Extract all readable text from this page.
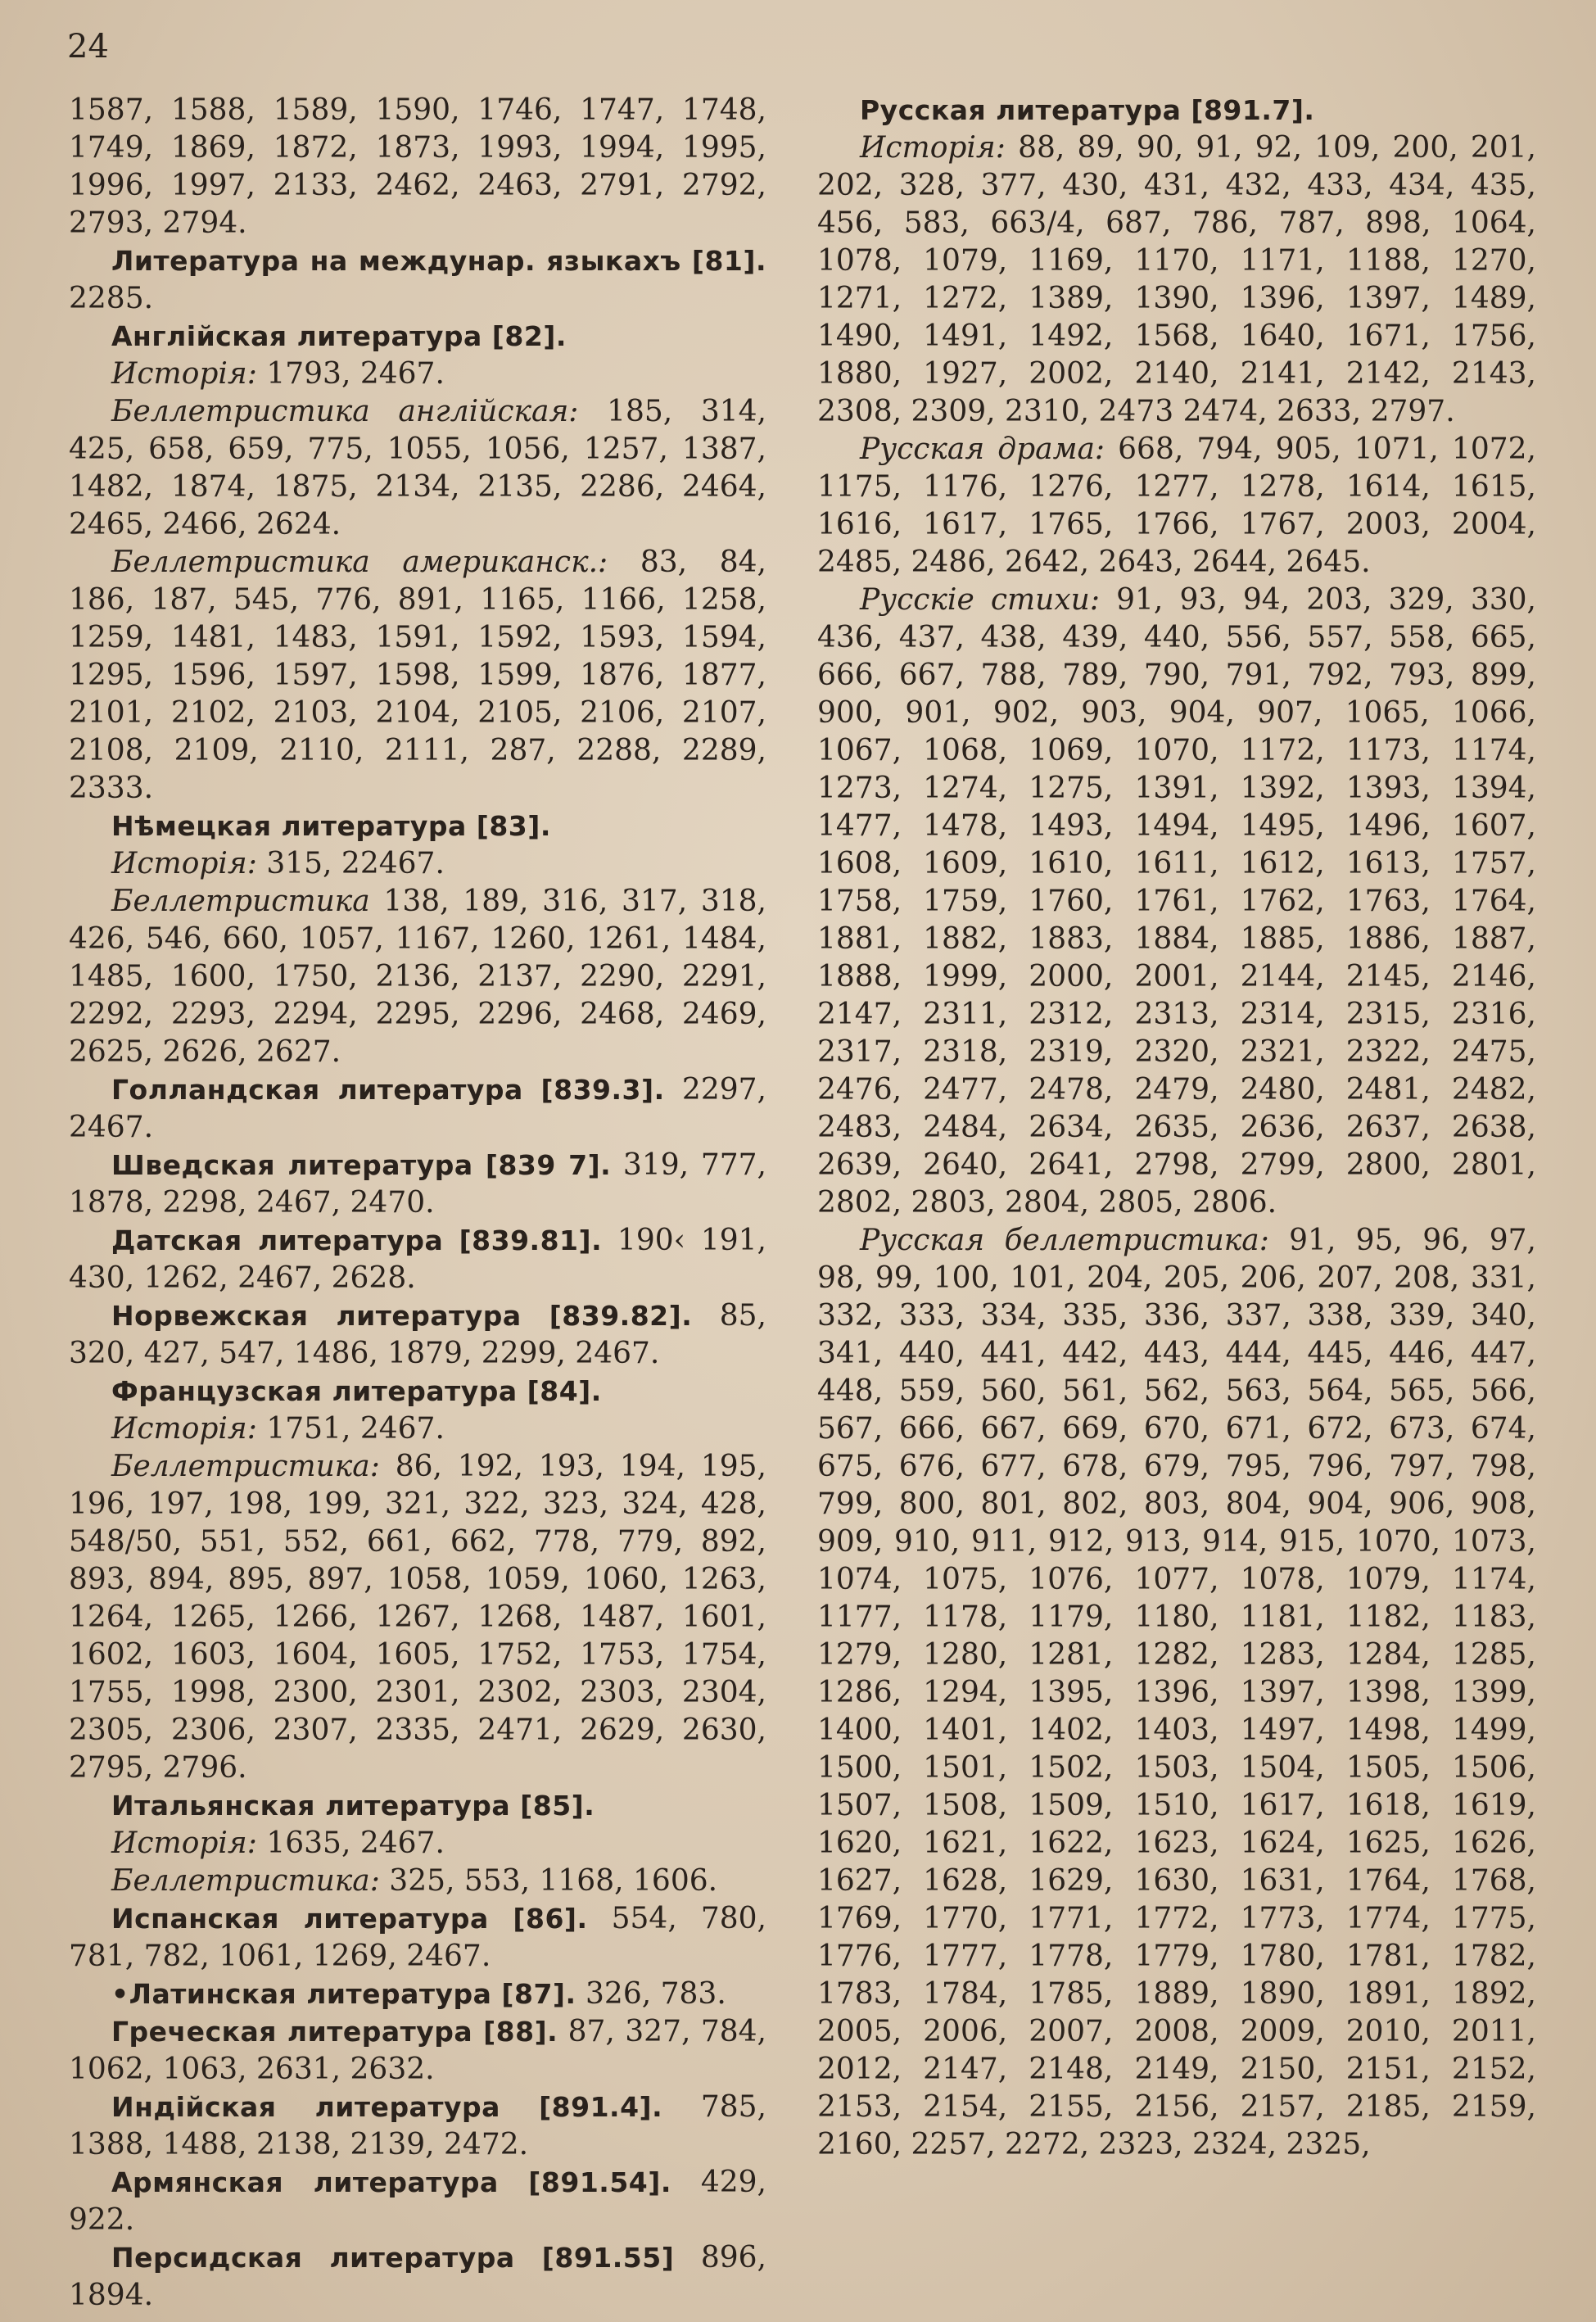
24

1587, 1588, 1589, 1590, 1746, 1747, 1748, 1749, 1869, 1872, 1873, 1993, 1994, 1995, 1996, 1997, 2133, 2462, 2463, 2791, 2792, 2793, 2794.

Литература на междунар. языкахъ [81]. 2285.

Англійская литература [82].

Исторія: 1793, 2467.

Беллетристика англійская: 185, 314, 425, 658, 659, 775, 1055, 1056, 1257, 1387, 1482, 1874, 1875, 2134, 2135, 2286, 2464, 2465, 2466, 2624.

Беллетристика американск.: 83, 84, 186, 187, 545, 776, 891, 1165, 1166, 1258, 1259, 1481, 1483, 1591, 1592, 1593, 1594, 1295, 1596, 1597, 1598, 1599, 1876, 1877, 2101, 2102, 2103, 2104, 2105, 2106, 2107, 2108, 2109, 2110, 2111, 287, 2288, 2289, 2333.

Нѣмецкая литература [83].

Исторія: 315, 22467.

Беллетристика 138, 189, 316, 317, 318, 426, 546, 660, 1057, 1167, 1260, 1261, 1484, 1485, 1600, 1750, 2136, 2137, 2290, 2291, 2292, 2293, 2294, 2295, 2296, 2468, 2469, 2625, 2626, 2627.

Голландская литература [839.3]. 2297, 2467.

Шведская литература [839 7]. 319, 777, 1878, 2298, 2467, 2470.

Датская литература [839.81]. 190‹ 191, 430, 1262, 2467, 2628.

Норвежская литература [839.82]. 85, 320, 427, 547, 1486, 1879, 2299, 2467.

Французская литература [84].

Исторія: 1751, 2467.

Беллетристика: 86, 192, 193, 194, 195, 196, 197, 198, 199, 321, 322, 323, 324, 428, 548/50, 551, 552, 661, 662, 778, 779, 892, 893, 894, 895, 897, 1058, 1059, 1060, 1263, 1264, 1265, 1266, 1267, 1268, 1487, 1601, 1602, 1603, 1604, 1605, 1752, 1753, 1754, 1755, 1998, 2300, 2301, 2302, 2303, 2304, 2305, 2306, 2307, 2335, 2471, 2629, 2630, 2795, 2796.

Итальянская литература [85].

Исторія: 1635, 2467.

Беллетристика: 325, 553, 1168, 1606.

Испанская литература [86]. 554, 780, 781, 782, 1061, 1269, 2467.

•Латинская литература [87]. 326, 783.

Греческая литература [88]. 87, 327, 784, 1062, 1063, 2631, 2632.

Индійская литература [891.4]. 785, 1388, 1488, 2138, 2139, 2472.

Армянская литература [891.54]. 429, 922.

Персидская литература [891.55] 896, 1894.

Русская литература [891.7].

Исторія: 88, 89, 90, 91, 92, 109, 200, 201, 202, 328, 377, 430, 431, 432, 433, 434, 435, 456, 583, 663/4, 687, 786, 787, 898, 1064, 1078, 1079, 1169, 1170, 1171, 1188, 1270, 1271, 1272, 1389, 1390, 1396, 1397, 1489, 1490, 1491, 1492, 1568, 1640, 1671, 1756, 1880, 1927, 2002, 2140, 2141, 2142, 2143, 2308, 2309, 2310, 2473 2474, 2633, 2797.

Русская драма: 668, 794, 905, 1071, 1072, 1175, 1176, 1276, 1277, 1278, 1614, 1615, 1616, 1617, 1765, 1766, 1767, 2003, 2004, 2485, 2486, 2642, 2643, 2644, 2645.

Русскіе стихи: 91, 93, 94, 203, 329, 330, 436, 437, 438, 439, 440, 556, 557, 558, 665, 666, 667, 788, 789, 790, 791, 792, 793, 899, 900, 901, 902, 903, 904, 907, 1065, 1066, 1067, 1068, 1069, 1070, 1172, 1173, 1174, 1273, 1274, 1275, 1391, 1392, 1393, 1394, 1477, 1478, 1493, 1494, 1495, 1496, 1607, 1608, 1609, 1610, 1611, 1612, 1613, 1757, 1758, 1759, 1760, 1761, 1762, 1763, 1764, 1881, 1882, 1883, 1884, 1885, 1886, 1887, 1888, 1999, 2000, 2001, 2144, 2145, 2146, 2147, 2311, 2312, 2313, 2314, 2315, 2316, 2317, 2318, 2319, 2320, 2321, 2322, 2475, 2476, 2477, 2478, 2479, 2480, 2481, 2482, 2483, 2484, 2634, 2635, 2636, 2637, 2638, 2639, 2640, 2641, 2798, 2799, 2800, 2801, 2802, 2803, 2804, 2805, 2806.

Русская беллетристика: 91, 95, 96, 97, 98, 99, 100, 101, 204, 205, 206, 207, 208, 331, 332, 333, 334, 335, 336, 337, 338, 339, 340, 341, 440, 441, 442, 443, 444, 445, 446, 447, 448, 559, 560, 561, 562, 563, 564, 565, 566, 567, 666, 667, 669, 670, 671, 672, 673, 674, 675, 676, 677, 678, 679, 795, 796, 797, 798, 799, 800, 801, 802, 803, 804, 904, 906, 908, 909, 910, 911, 912, 913, 914, 915, 1070, 1073, 1074, 1075, 1076, 1077, 1078, 1079, 1174, 1177, 1178, 1179, 1180, 1181, 1182, 1183, 1279, 1280, 1281, 1282, 1283, 1284, 1285, 1286, 1294, 1395, 1396, 1397, 1398, 1399, 1400, 1401, 1402, 1403, 1497, 1498, 1499, 1500, 1501, 1502, 1503, 1504, 1505, 1506, 1507, 1508, 1509, 1510, 1617, 1618, 1619, 1620, 1621, 1622, 1623, 1624, 1625, 1626, 1627, 1628, 1629, 1630, 1631, 1764, 1768, 1769, 1770, 1771, 1772, 1773, 1774, 1775, 1776, 1777, 1778, 1779, 1780, 1781, 1782, 1783, 1784, 1785, 1889, 1890, 1891, 1892, 2005, 2006, 2007, 2008, 2009, 2010, 2011, 2012, 2147, 2148, 2149, 2150, 2151, 2152, 2153, 2154, 2155, 2156, 2157, 2185, 2159, 2160, 2257, 2272, 2323, 2324, 2325,
